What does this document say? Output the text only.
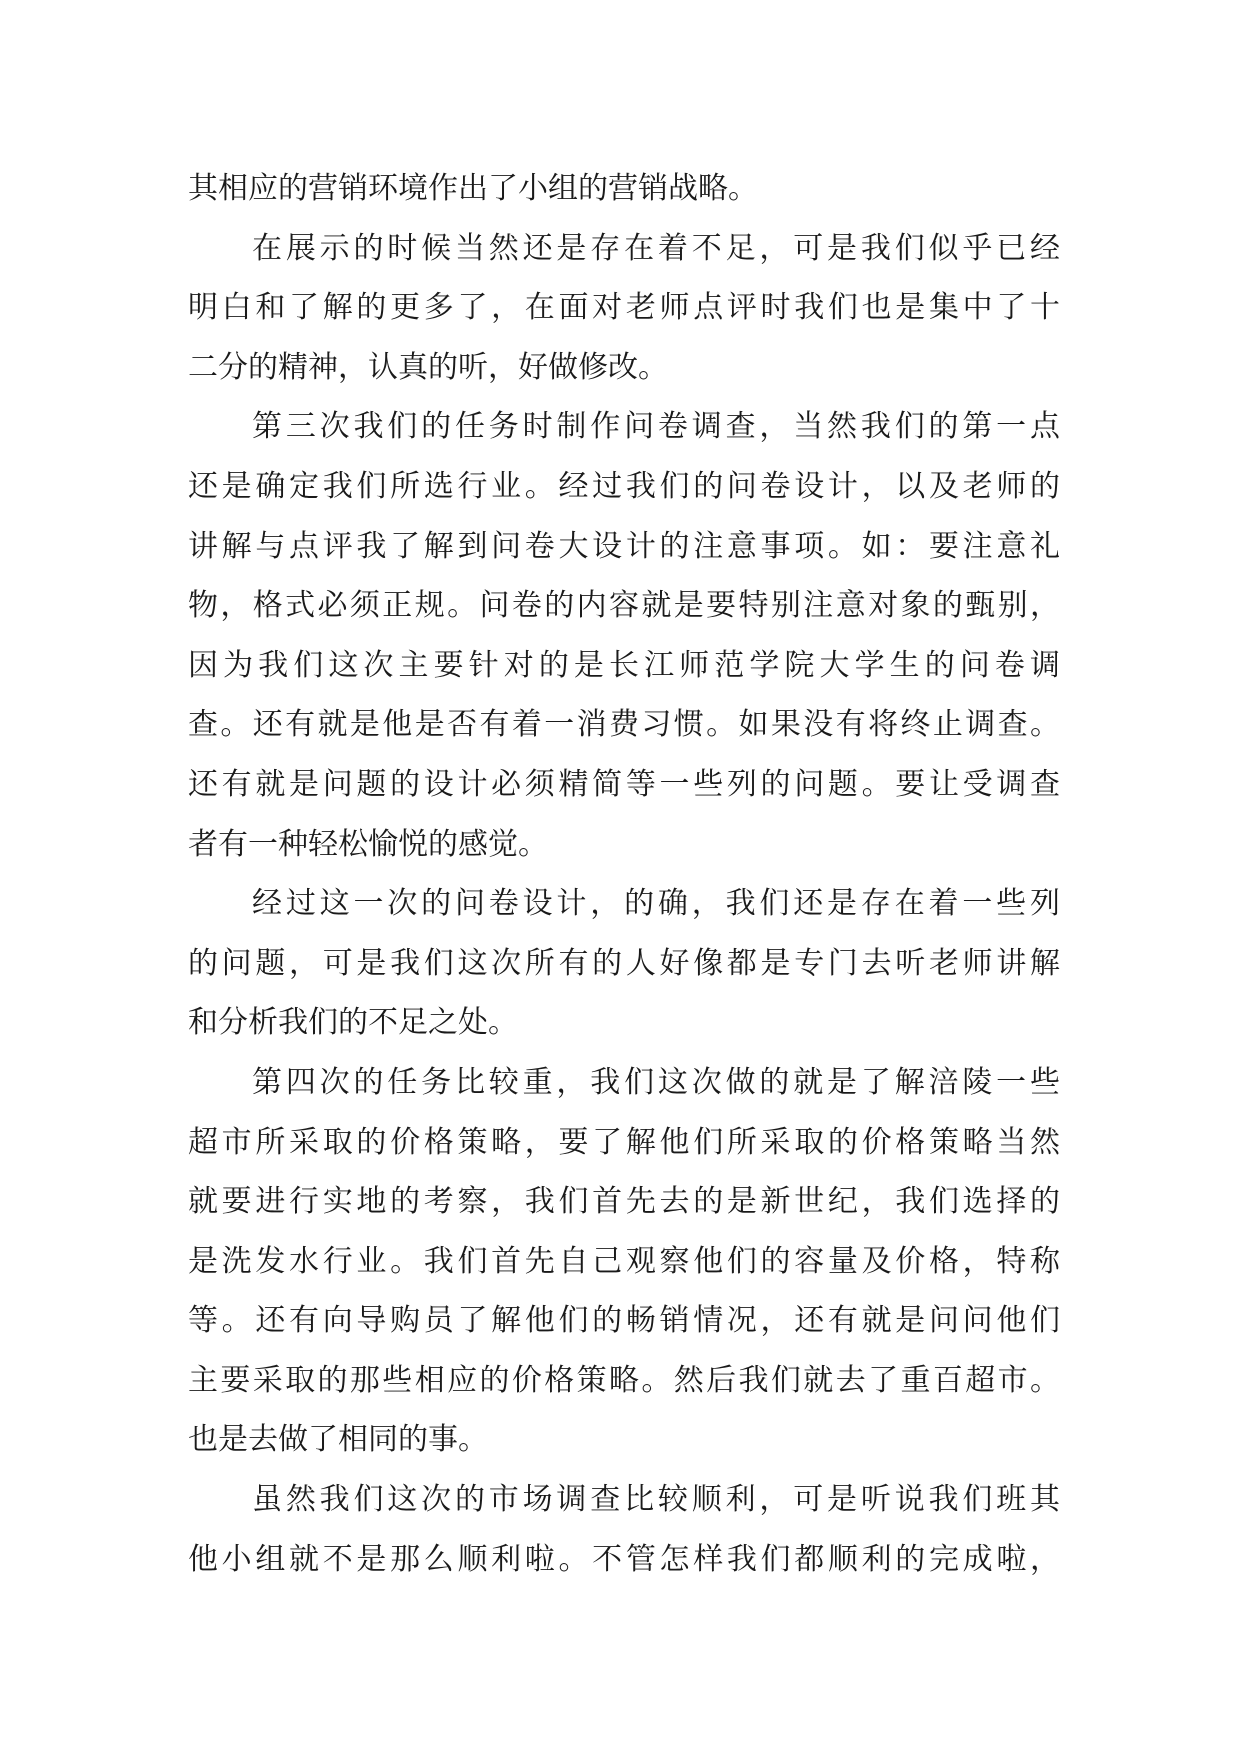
其相应的营销环境作出了小组的营销战略。
在展示的时候当然还是存在着不足，可是我们似乎已经
明白和了解的更多了，在面对老师点评时我们也是集中了十
二分的精神，认真的听，好做修改。
第三次我们的任务时制作问卷调查，当然我们的第一点
还是确定我们所选行业。经过我们的问卷设计，以及老师的
讲解与点评我了解到问卷大设计的注意事项。如：要注意礼
物，格式必须正规。问卷的内容就是要特别注意对象的甄别，
因为我们这次主要针对的是长江师范学院大学生的问卷调
查。还有就是他是否有着一消费习惯。如果没有将终止调查。
还有就是问题的设计必须精简等一些列的问题。要让受调查
者有一种轻松愉悦的感觉。
经过这一次的问卷设计，的确，我们还是存在着一些列
的问题，可是我们这次所有的人好像都是专门去听老师讲解
和分析我们的不足之处。
第四次的任务比较重，我们这次做的就是了解涪陵一些
超市所采取的价格策略，要了解他们所采取的价格策略当然
就要进行实地的考察，我们首先去的是新世纪，我们选择的
是洗发水行业。我们首先自己观察他们的容量及价格，特称
等。还有向导购员了解他们的畅销情况，还有就是问问他们
主要采取的那些相应的价格策略。然后我们就去了重百超市。
也是去做了相同的事。
虽然我们这次的市场调查比较顺利，可是听说我们班其
他小组就不是那么顺利啦。不管怎样我们都顺利的完成啦，
